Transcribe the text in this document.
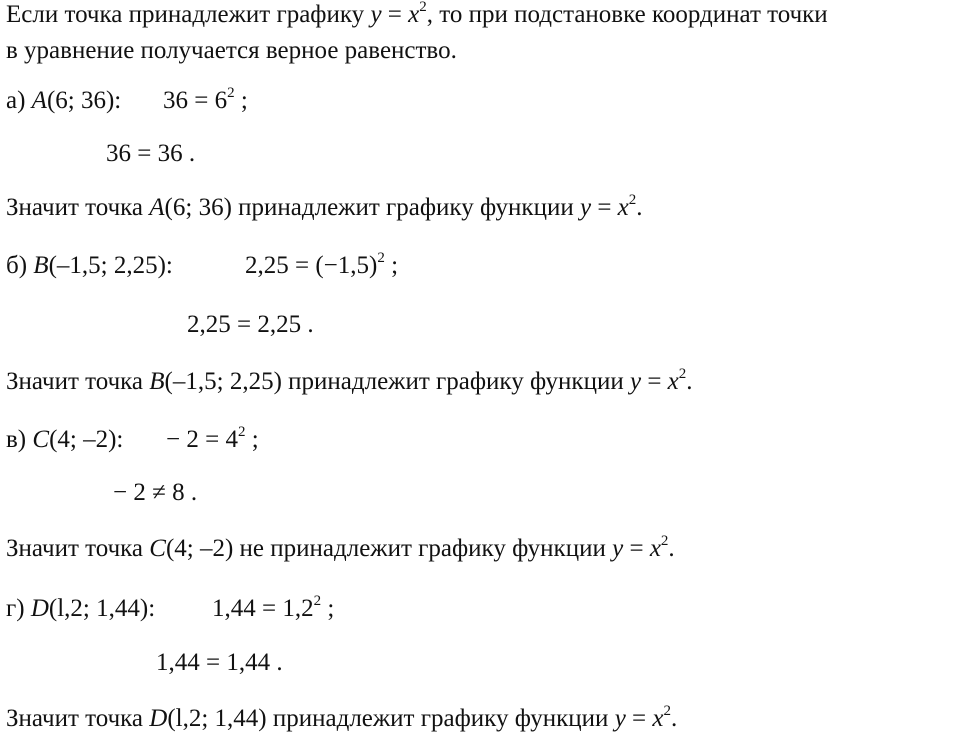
Если точка принадлежит графику $y = x^2$, то при подстановке координат точки
в уравнение получается верное равенство.
а) A(6; 36): $36 = 6^2$ ;
36 = 36 .
Значит точка A(6; 36) принадлежит графику функции $y = x^2$.
б) B(–1,5; 2,25):	$2,25 = (-1,5)^2$ ;
2,25 = 2,25 .
Значит точка B(–1,5; 2,25) принадлежит графику функции $y = x^2$.
в) C(4; –2): − $2 = 4^2$ ;
− 2 ≠ 8 .
Значит точка C(4; –2) не принадлежит графику функции $y = x^2$.
г) D(l,2; 1,44): $1,44 = 1,2^2$ ;
1,44 = 1,44 .
Значит точка D(l,2; 1,44) принадлежит графику функции $y = x^2$.
